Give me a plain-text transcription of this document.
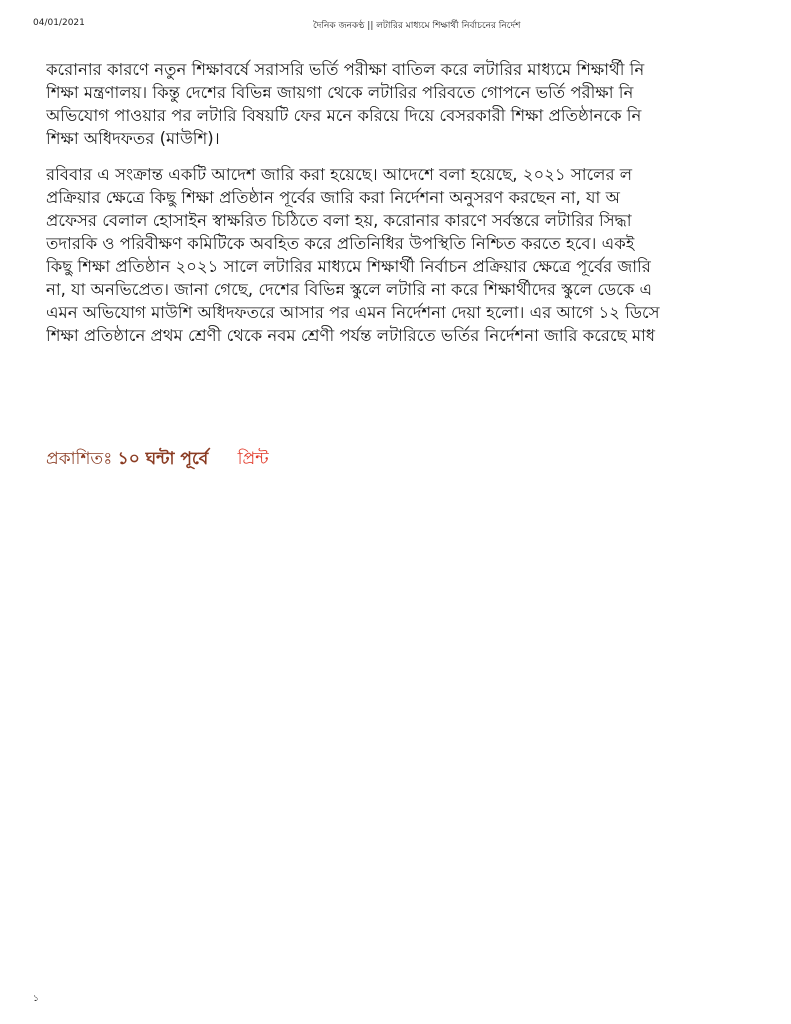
04/01/2021	দৈনিক জনকণ্ঠ || লটারির মাধ্যমে শিক্ষার্থী নির্বাচনের নির্দেশ

করোনার কারণে নতুন শিক্ষাবর্ষে সরাসরি ভর্তি পরীক্ষা বাতিল করে লটারির মাধ্যমে শিক্ষার্থী নি
শিক্ষা মন্ত্রণালয়। কিন্তু দেশের বিভিন্ন জায়গা থেকে লটারির পরিবতে গোপনে ভর্তি পরীক্ষা নি
অভিযোগ পাওয়ার পর লটারি বিষয়টি ফের মনে করিয়ে দিয়ে বেসরকারী শিক্ষা প্রতিষ্ঠানকে নি
শিক্ষা অধিদফতর (মাউশি)।

রবিবার এ সংক্রান্ত একটি আদেশ জারি করা হয়েছে। আদেশে বলা হয়েছে, ২০২১ সালের ল
প্রক্রিয়ার ক্ষেত্রে কিছু শিক্ষা প্রতিষ্ঠান পূর্বের জারি করা নির্দেশনা অনুসরণ করছেন না, যা অ
প্রফেসর বেলাল হোসাইন স্বাক্ষরিত চিঠিতে বলা হয়, করোনার কারণে সর্বস্তরে লটারির সিদ্ধা
তদারকি ও পরিবীক্ষণ কমিটিকে অবহিত করে প্রতিনিধির উপস্থিতি নিশ্চিত করতে হবে। একই
কিছু শিক্ষা প্রতিষ্ঠান ২০২১ সালে লটারির মাধ্যমে শিক্ষার্থী নির্বাচন প্রক্রিয়ার ক্ষেত্রে পূর্বের জারি
না, যা অনভিপ্রেত। জানা গেছে, দেশের বিভিন্ন স্কুলে লটারি না করে শিক্ষার্থীদের স্কুলে ডেকে এ
এমন অভিযোগ মাউশি অধিদফতরে আসার পর এমন নির্দেশনা দেয়া হলো। এর আগে ১২ ডিসে
শিক্ষা প্রতিষ্ঠানে প্রথম শ্রেণী থেকে নবম শ্রেণী পর্যন্ত লটারিতে ভর্তির নির্দেশনা জারি করেছে মাধ

প্রকাশিতঃ ১০ ঘন্টা পূর্বে প্রিন্ট
১
